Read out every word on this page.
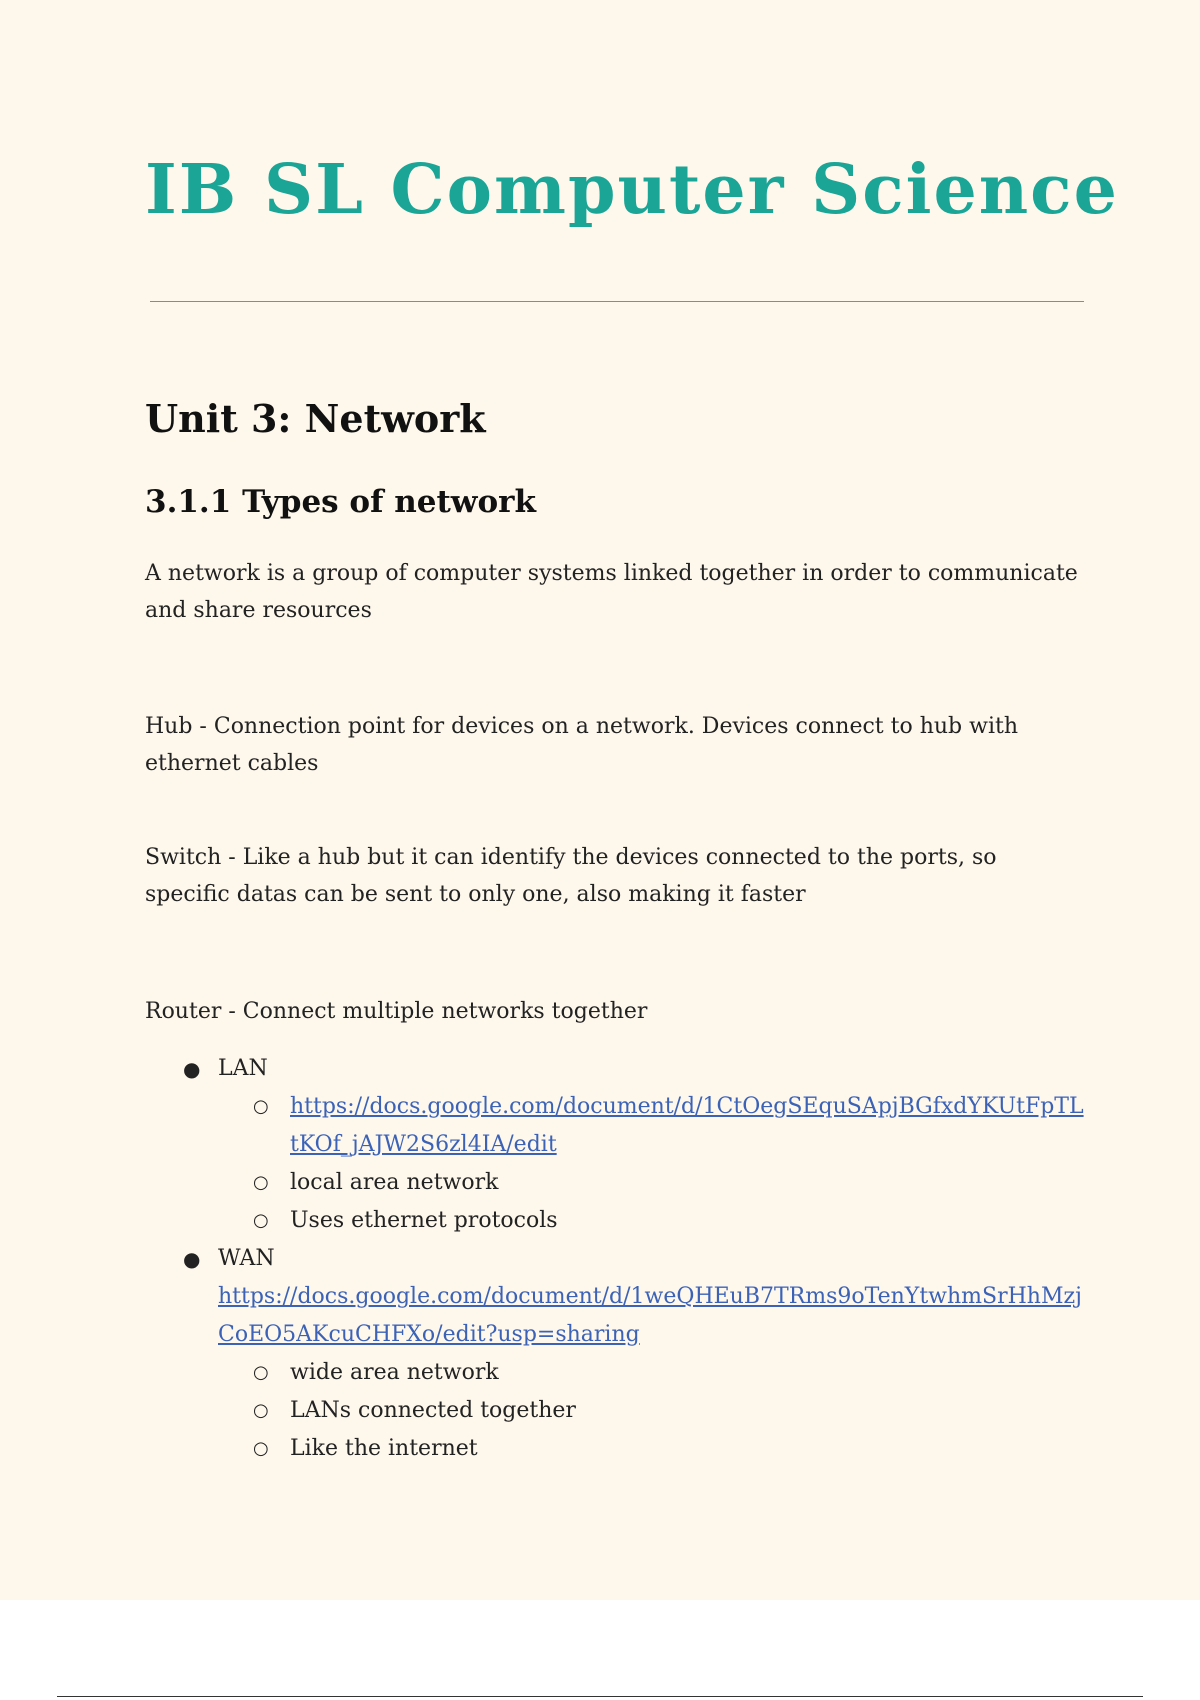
IB SL Computer Science
Unit 3: Network
3.1.1 Types of network

A network is a group of computer systems linked together in order to communicate and share resources

Hub - Connection point for devices on a network. Devices connect to hub with ethernet cables

Switch - Like a hub but it can identify the devices connected to the ports, so specific datas can be sent to only one, also making it faster

Router - Connect multiple networks together

● LAN
○ https://docs.google.com/document/d/1CtOegSEquSApjBGfxdYKUtFpTLtKOf_jAJW2S6zl4IA/edit
○ local area network
○ Uses ethernet protocols
● WAN
https://docs.google.com/document/d/1weQHEuB7TRms9oTenYtwhmSrHhMzjCoEO5AKcuCHFXo/edit?usp=sharing
○ wide area network
○ LANs connected together
○ Like the internet
